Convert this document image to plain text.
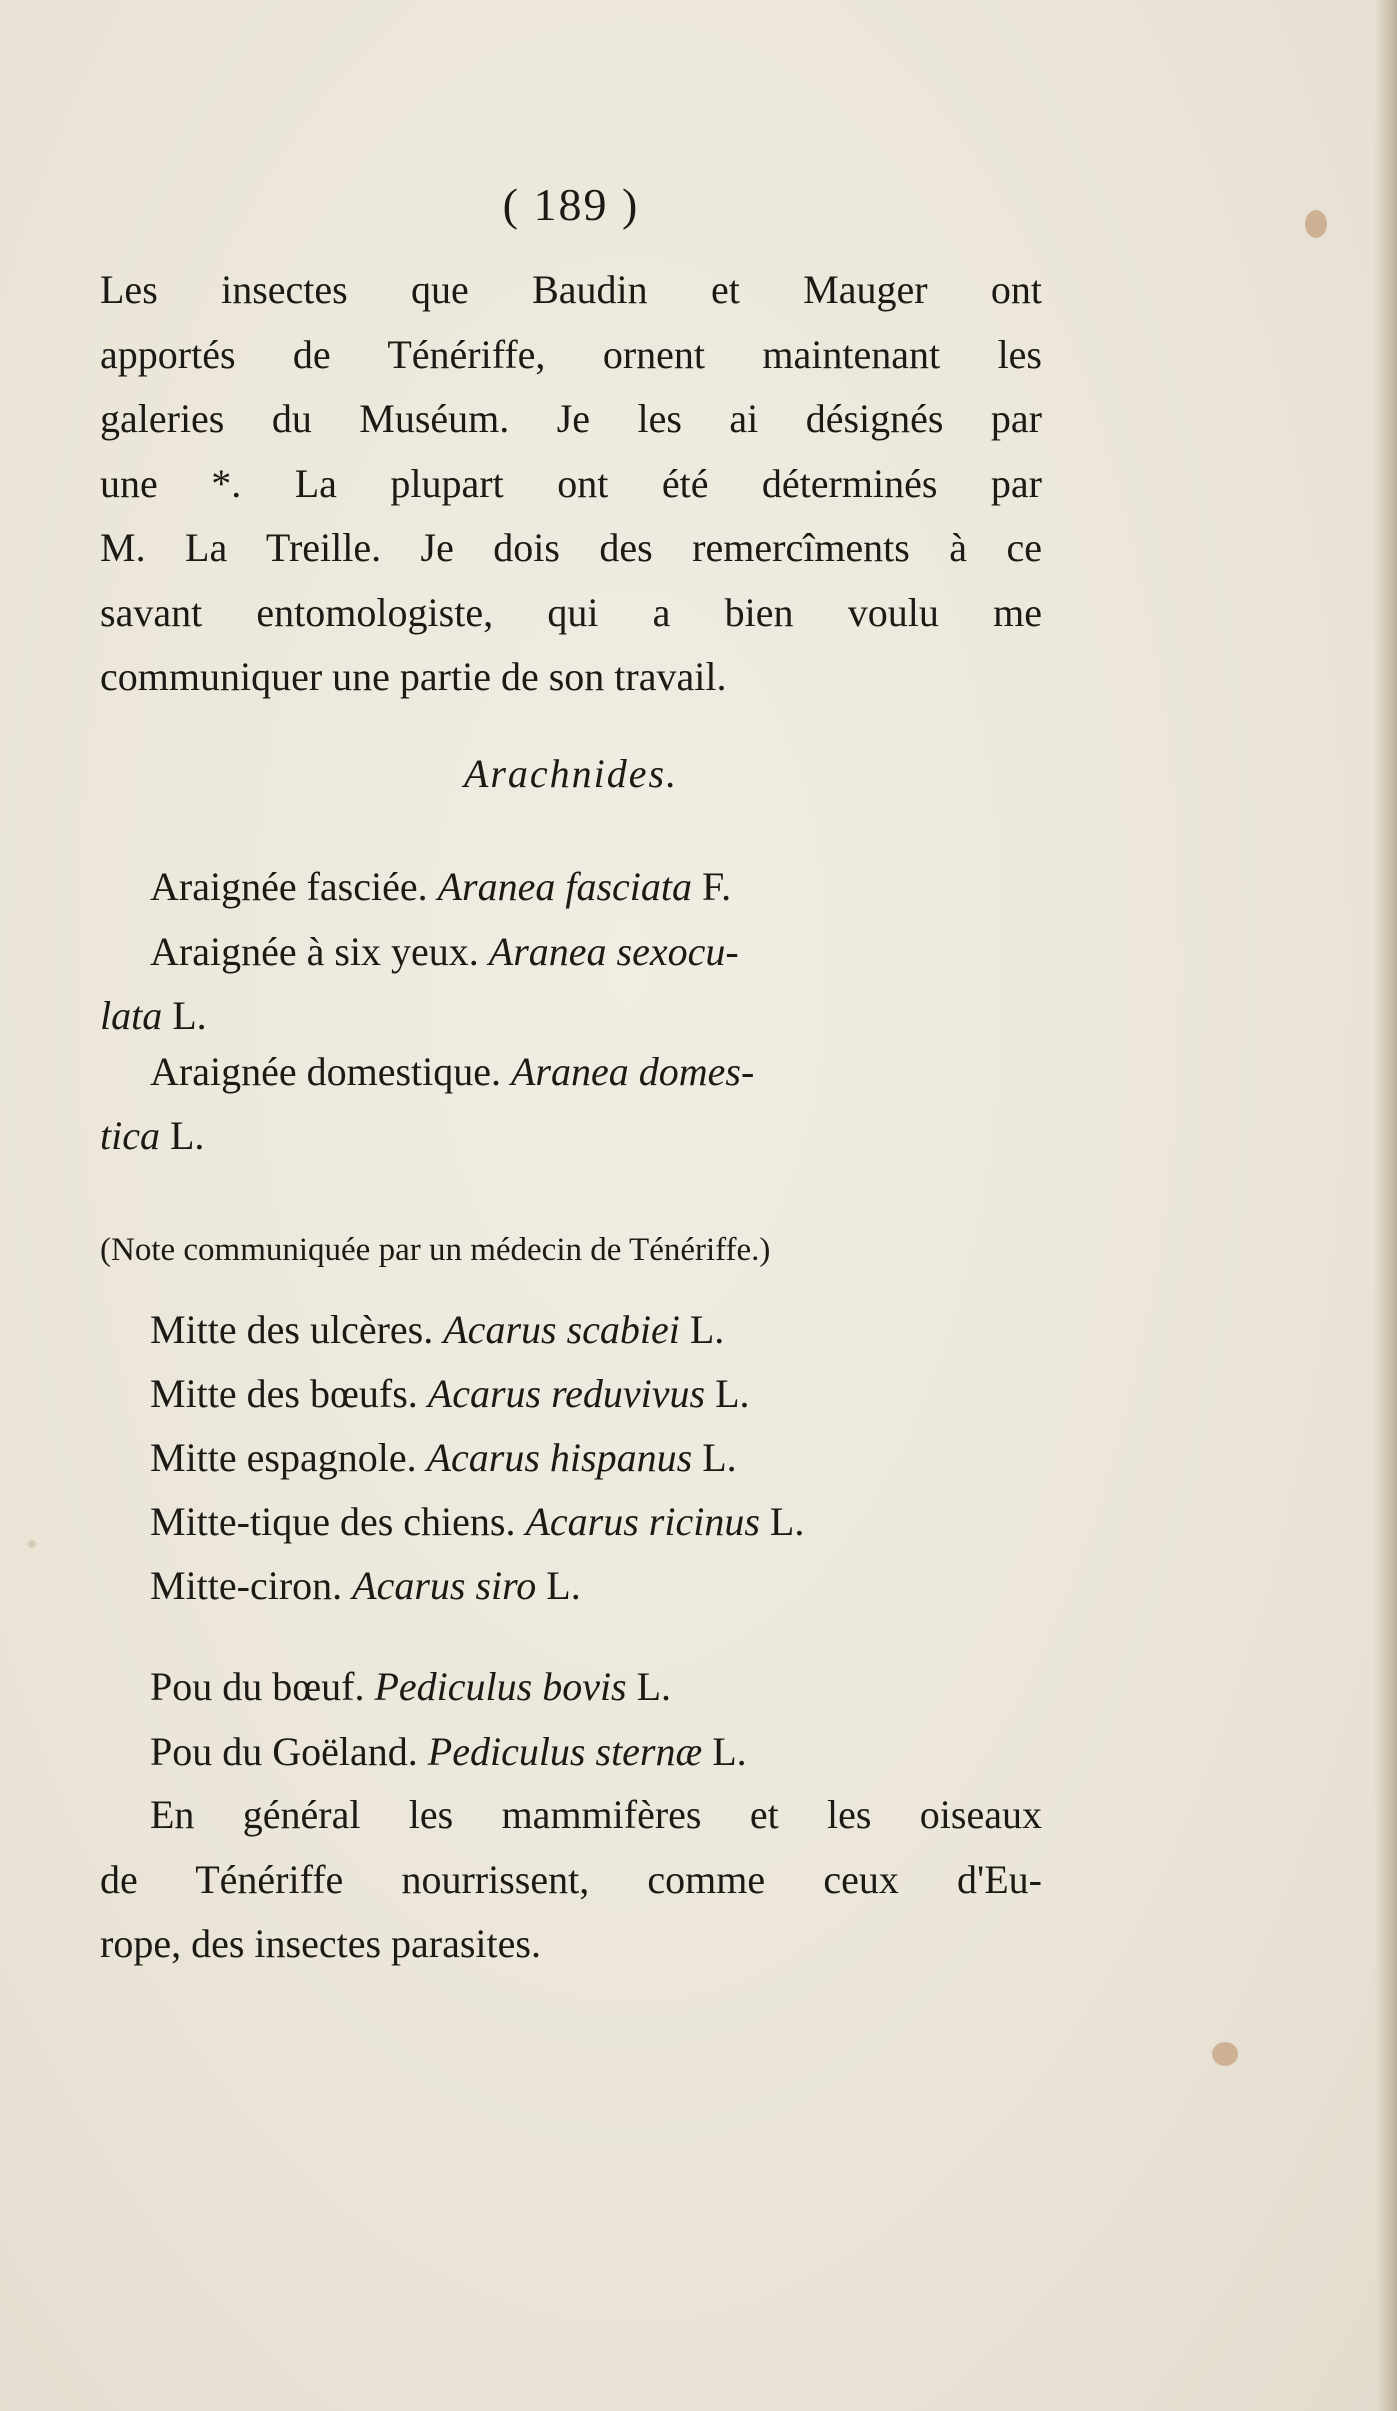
( 189 )
Les insectes que Baudin et Mauger ont
apportés de Ténériffe, ornent maintenant les
galeries du Muséum. Je les ai désignés par
une *. La plupart ont été déterminés par
M. La Treille. Je dois des remercîments à ce
savant entomologiste, qui a bien voulu me
communiquer une partie de son travail.
Arachnides.
Araignée fasciée. Aranea fasciata F.
Araignée à six yeux. Aranea sexocu-
lata L.
Araignée domestique. Aranea domes-
tica L.
(Note communiquée par un médecin de Ténériffe.)
Mitte des ulcères. Acarus scabiei L.
Mitte des bœufs. Acarus reduvivus L.
Mitte espagnole. Acarus hispanus L.
Mitte-tique des chiens. Acarus ricinus L.
Mitte-ciron. Acarus siro L.
Pou du bœuf. Pediculus bovis L.
Pou du Goëland. Pediculus sternæ L.
En général les mammifères et les oiseaux
de Ténériffe nourrissent, comme ceux d'Eu-
rope, des insectes parasites.
